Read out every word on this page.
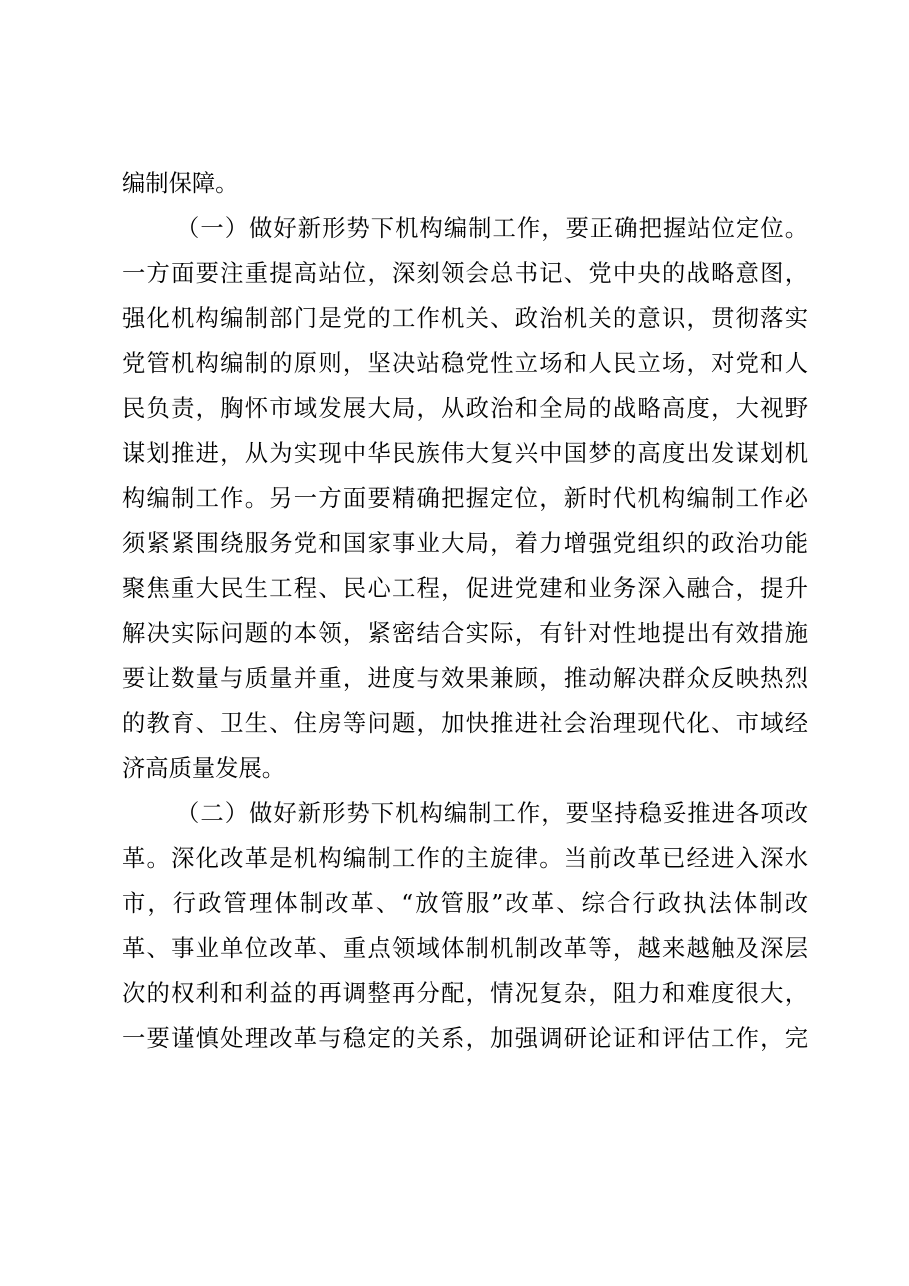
编制保障。
（一）做好新形势下机构编制工作，要正确把握站位定位。
一方面要注重提高站位，深刻领会总书记、党中央的战略意图，
强化机构编制部门是党的工作机关、政治机关的意识，贯彻落实
党管机构编制的原则，坚决站稳党性立场和人民立场，对党和人
民负责，胸怀市域发展大局，从政治和全局的战略高度，大视野
谋划推进，从为实现中华民族伟大复兴中国梦的高度出发谋划机
构编制工作。另一方面要精确把握定位，新时代机构编制工作必
须紧紧围绕服务党和国家事业大局，着力增强党组织的政治功能
聚焦重大民生工程、民心工程，促进党建和业务深入融合，提升
解决实际问题的本领，紧密结合实际，有针对性地提出有效措施
要让数量与质量并重，进度与效果兼顾，推动解决群众反映热烈
的教育、卫生、住房等问题，加快推进社会治理现代化、市域经
济高质量发展。
（二）做好新形势下机构编制工作，要坚持稳妥推进各项改
革。深化改革是机构编制工作的主旋律。当前改革已经进入深水
市，行政管理体制改革、“放管服”改革、综合行政执法体制改
革、事业单位改革、重点领域体制机制改革等，越来越触及深层
次的权利和利益的再调整再分配，情况复杂，阻力和难度很大，
一要谨慎处理改革与稳定的关系，加强调研论证和评估工作，完
